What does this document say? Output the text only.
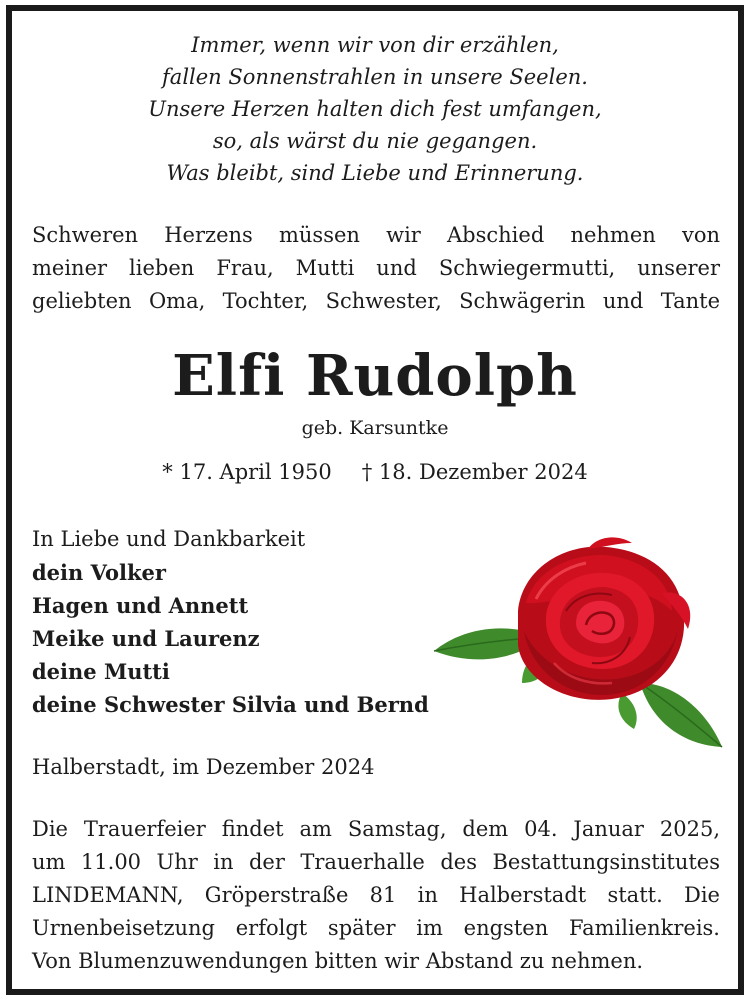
Immer, wenn wir von dir erzählen,
fallen Sonnenstrahlen in unsere Seelen.
Unsere Herzen halten dich fest umfangen,
so, als wärst du nie gegangen.
Was bleibt, sind Liebe und Erinnerung.
Schweren Herzens müssen wir Abschied nehmen von
meiner lieben Frau, Mutti und Schwiegermutti, unserer
geliebten Oma, Tochter, Schwester, Schwägerin und Tante
Elfi Rudolph
geb. Karsuntke
* 17. April 1950 † 18. Dezember 2024
In Liebe und Dankbarkeit
dein Volker
Hagen und Annett
Meike und Laurenz
deine Mutti
deine Schwester Silvia und Bernd
Halberstadt, im Dezember 2024
Die Trauerfeier findet am Samstag, dem 04. Januar 2025,
um 11.00 Uhr in der Trauerhalle des Bestattungsinstitutes
LINDEMANN, Gröperstraße 81 in Halberstadt statt. Die
Urnenbeisetzung erfolgt später im engsten Familienkreis.
Von Blumenzuwendungen bitten wir Abstand zu nehmen.
